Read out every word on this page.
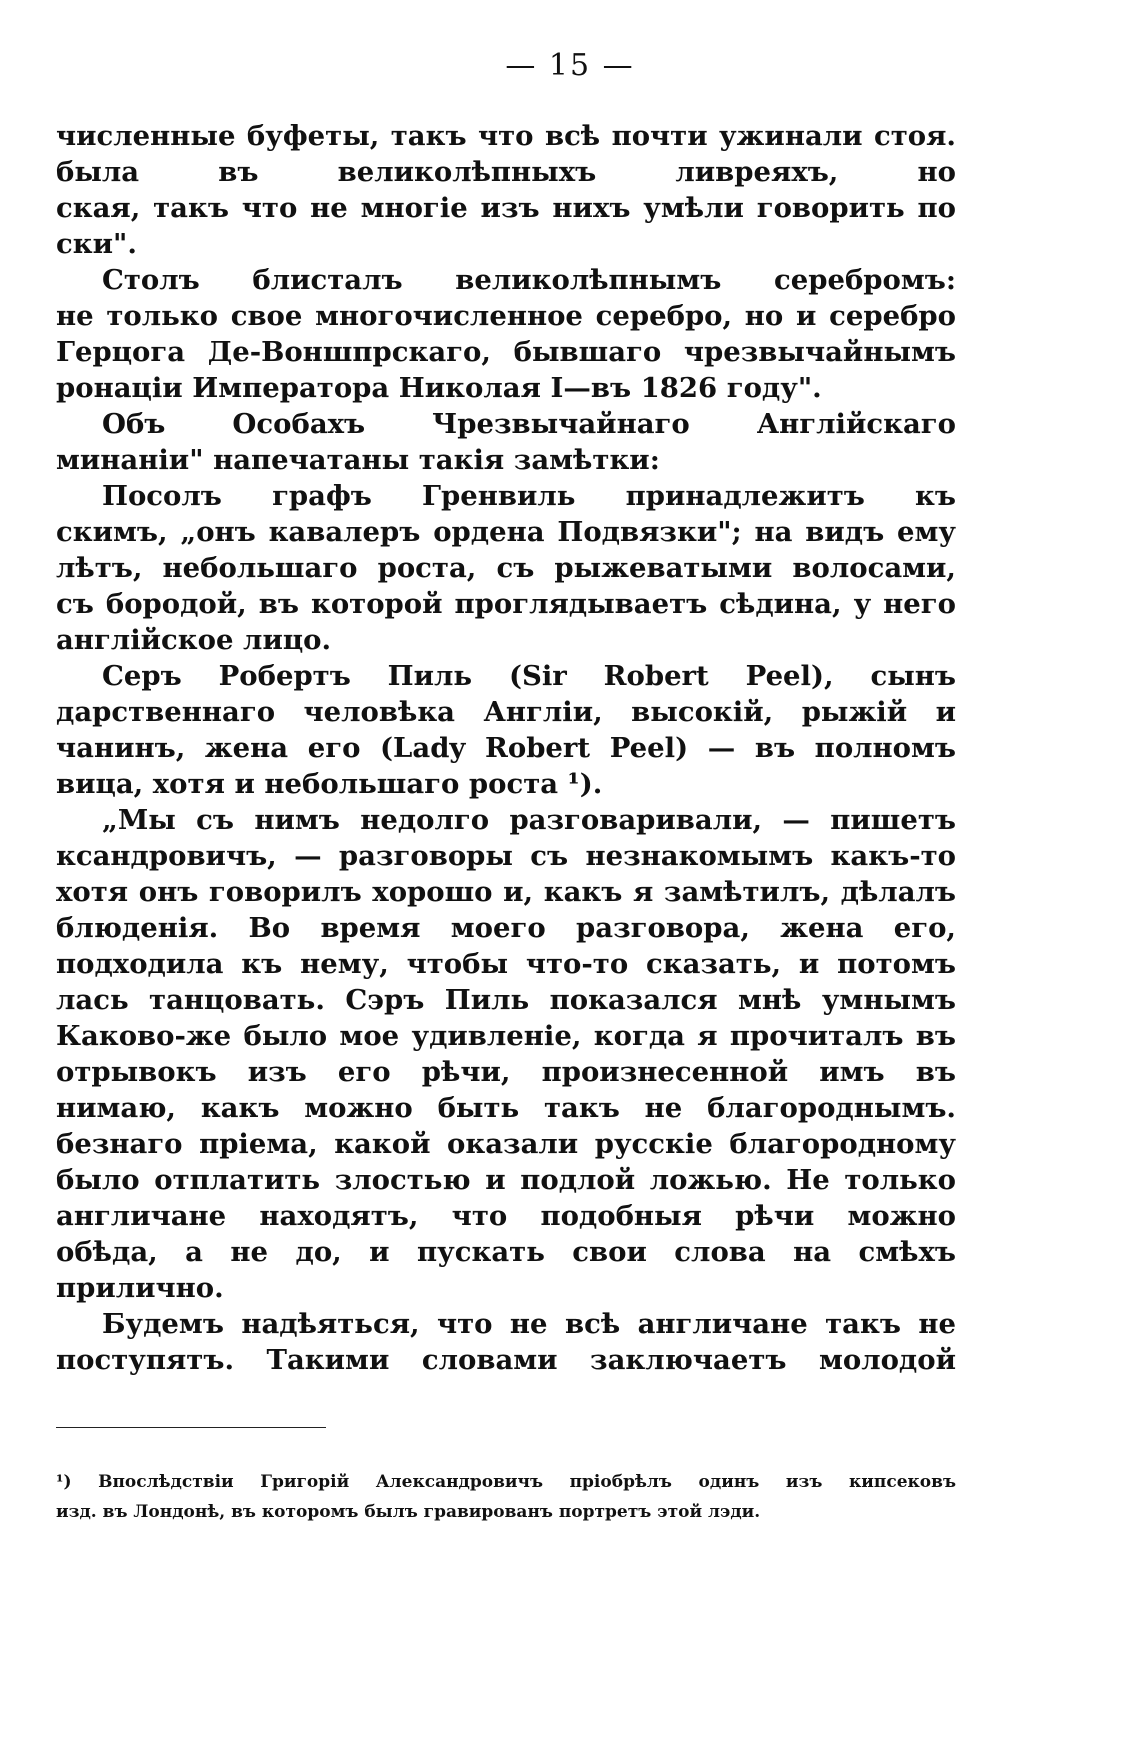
— 15 —
численные буфеты, такъ что всѣ почти ужинали стоя.
была въ великолѣпныхъ ливреяхъ, но
ская, такъ что не многiе изъ нихъ умѣли говорить по
ски".
Столъ блисталъ великолѣпнымъ серебромъ:
не только свое многочисленное серебро, но и серебро
Герцога Де-Воншпрскаго, бывшаго чрезвычайнымъ
ронацiи Императора Николая I—въ 1826 году".
Объ Особахъ Чрезвычайнаго Англiйскаго
минанiи" напечатаны такiя замѣтки:
Посолъ графъ Гренвиль принадлежитъ къ
скимъ, „онъ кавалеръ ордена Подвязки"; на видъ ему
лѣтъ, небольшаго роста, съ рыжеватыми волосами,
съ бородой, въ которой проглядываетъ сѣдина, у него
англiйское лицо.
Серъ Робертъ Пиль (Sir Robert Peel), сынъ
дарственнаго человѣка Англiи, высокiй, рыжiй и
чанинъ, жена его (Lady Robert Peel) — въ полномъ
вица, хотя и небольшаго роста ¹).
„Мы съ нимъ недолго разговаривали, — пишетъ
ксандровичъ, — разговоры съ незнакомымъ какъ-то
хотя онъ говорилъ хорошо и, какъ я замѣтилъ, дѣлалъ
блюденiя. Во время моего разговора, жена его,
подходила къ нему, чтобы что-то сказать, и потомъ
лась танцовать. Сэръ Пиль показался мнѣ умнымъ
Каково-же было мое удивленiе, когда я прочиталъ въ
отрывокъ изъ его рѣчи, произнесенной имъ въ
нимаю, какъ можно быть такъ не благороднымъ.
безнаго прiема, какой оказали русскiе благородному
было отплатить злостью и подлой ложью. Не только
англичане находятъ, что подобныя рѣчи можно
обѣда, а не до, и пускать свои слова на смѣхъ
прилично.
Будемъ надѣяться, что не всѣ англичане такъ не
поступятъ. Такими словами заключаетъ молодой
¹) Впослѣдствiи Григорiй Александровичъ прiобрѣлъ одинъ изъ кипсековъ
изд. въ Лондонѣ, въ которомъ былъ гравированъ портретъ этой лэди.
